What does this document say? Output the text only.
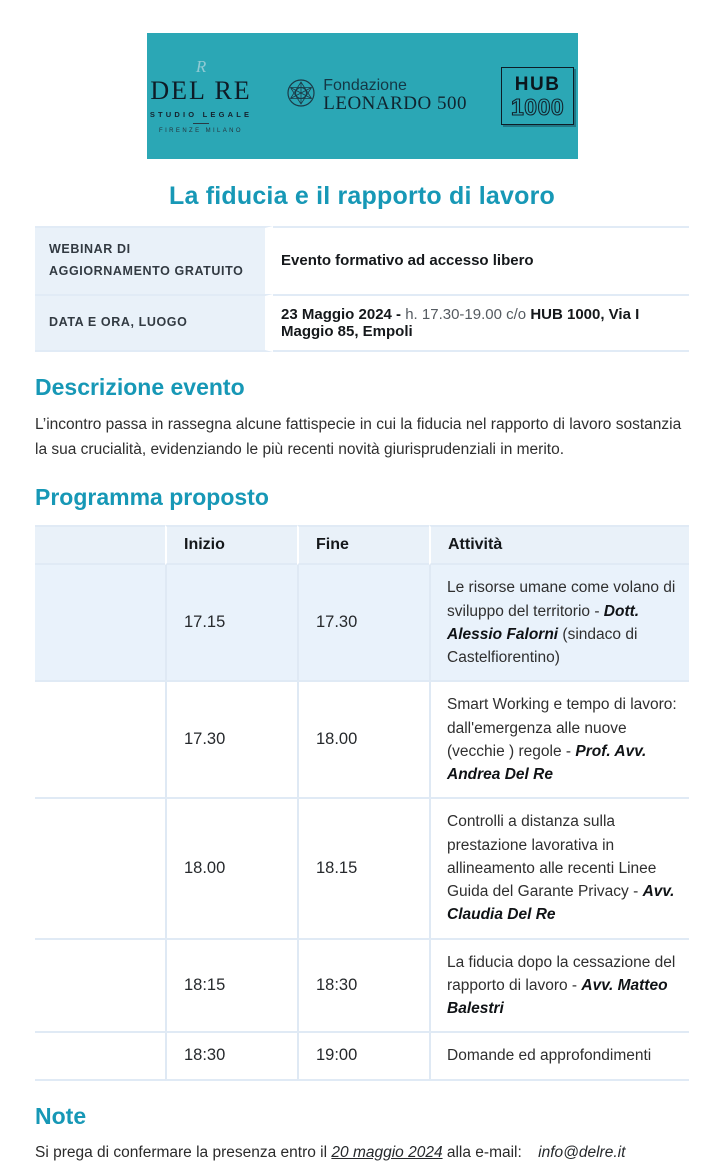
R
DEL RE
STUDIO LEGALE
FIRENZE MILANO
Fondazione
LEONARDO 500
HUB
1000
La fiducia e il rapporto di lavoro
WEBINAR DI AGGIORNAMENTO GRATUITO	Evento formativo ad accesso libero
DATA E ORA, LUOGO	23 Maggio 2024 - h. 17.30-19.00 c/o HUB 1000, Via I Maggio 85, Empoli
Descrizione evento
L’incontro passa in rassegna alcune fattispecie in cui la fiducia nel rapporto di lavoro sostanzia la sua crucialità, evidenziando le più recenti novità giurisprudenziali in merito.
Programma proposto
	Inizio	Fine	Attività
	17.15	17.30	Le risorse umane come volano di sviluppo del territorio - Dott. Alessio Falorni (sindaco di Castelfiorentino)
	17.30	18.00	Smart Working e tempo di lavoro: dall'emergenza alle nuove (vecchie ) regole - Prof. Avv. Andrea Del Re
	18.00	18.15	Controlli a distanza sulla prestazione lavorativa in allineamento alle recenti Linee Guida del Garante Privacy - Avv. Claudia Del Re
	18:15	18:30	La fiducia dopo la cessazione del rapporto di lavoro - Avv. Matteo Balestri
	18:30	19:00	Domande ed approfondimenti
Note
Si prega di confermare la presenza entro il 20 maggio 2024 alla e-mail: info@delre.it
